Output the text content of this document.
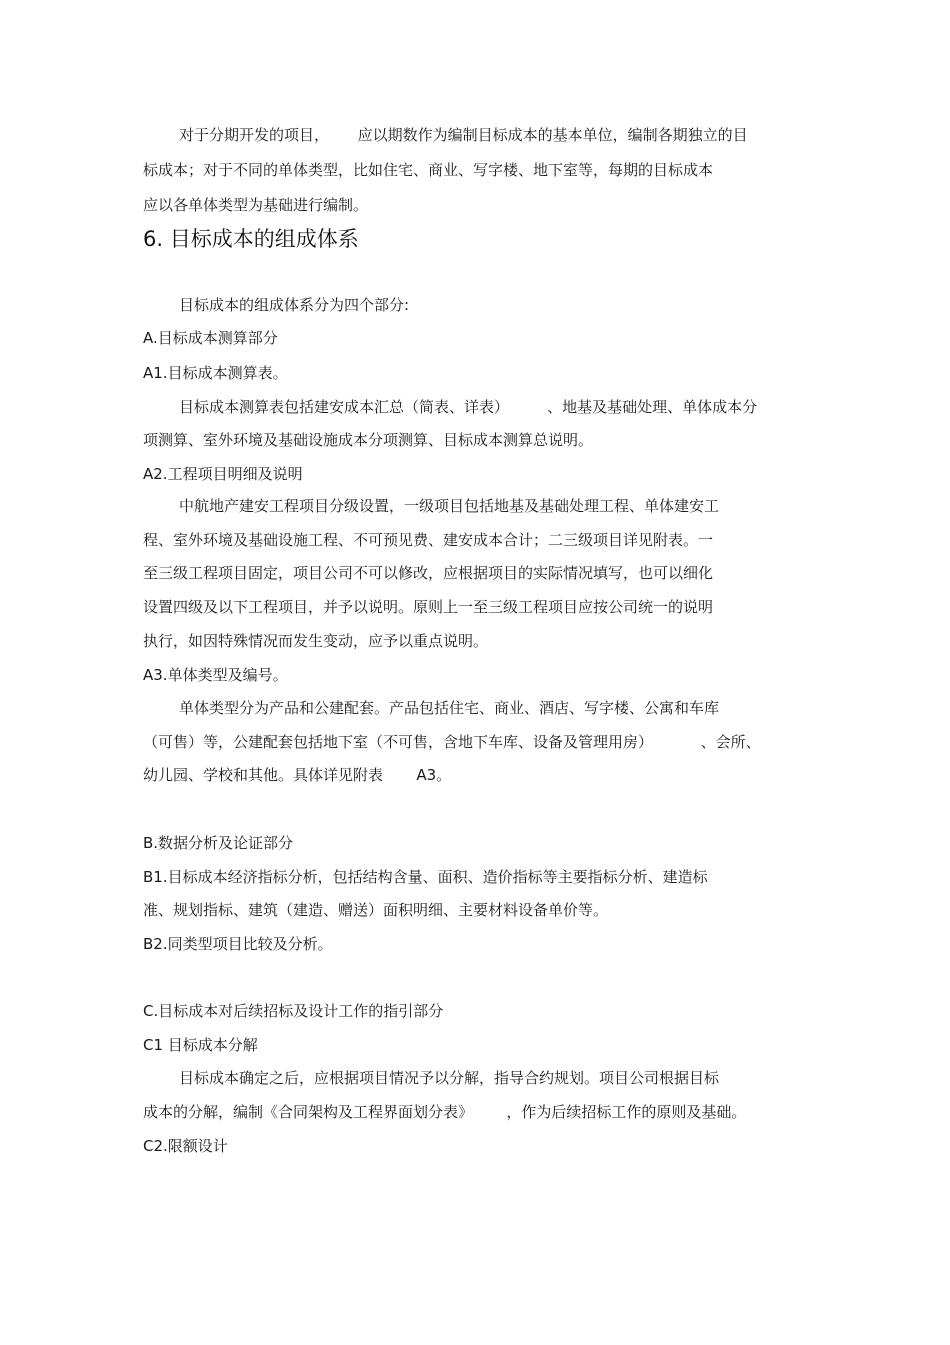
对于分期开发的项目，      应以期数作为编制目标成本的基本单位，编制各期独立的目
标成本；对于不同的单体类型，比如住宅、商业、写字楼、地下室等，每期的目标成本
应以各单体类型为基础进行编制。
6. 目标成本的组成体系
目标成本的组成体系分为四个部分:
A.目标成本测算部分
A1.目标成本测算表。
目标成本测算表包括建安成本汇总（简表、详表）        、地基及基础处理、单体成本分
项测算、室外环境及基础设施成本分项测算、目标成本测算总说明。
A2.工程项目明细及说明
中航地产建安工程项目分级设置，一级项目包括地基及基础处理工程、单体建安工
程、室外环境及基础设施工程、不可预见费、建安成本合计；二三级项目详见附表。一
至三级工程项目固定，项目公司不可以修改，应根据项目的实际情况填写，也可以细化
设置四级及以下工程项目，并予以说明。原则上一至三级工程项目应按公司统一的说明
执行，如因特殊情况而发生变动，应予以重点说明。
A3.单体类型及编号。
单体类型分为产品和公建配套。产品包括住宅、商业、酒店、写字楼、公寓和车库
（可售）等，公建配套包括地下室（不可售，含地下车库、设备及管理用房）          、会所、
幼儿园、学校和其他。具体详见附表       A3。
B.数据分析及论证部分
B1.目标成本经济指标分析，包括结构含量、面积、造价指标等主要指标分析、建造标
准、规划指标、建筑（建造、赠送）面积明细、主要材料设备单价等。
B2.同类型项目比较及分析。
C.目标成本对后续招标及设计工作的指引部分
C1 目标成本分解
目标成本确定之后，应根据项目情况予以分解，指导合约规划。项目公司根据目标
成本的分解，编制《合同架构及工程界面划分表》       ，作为后续招标工作的原则及基础。
C2.限额设计
